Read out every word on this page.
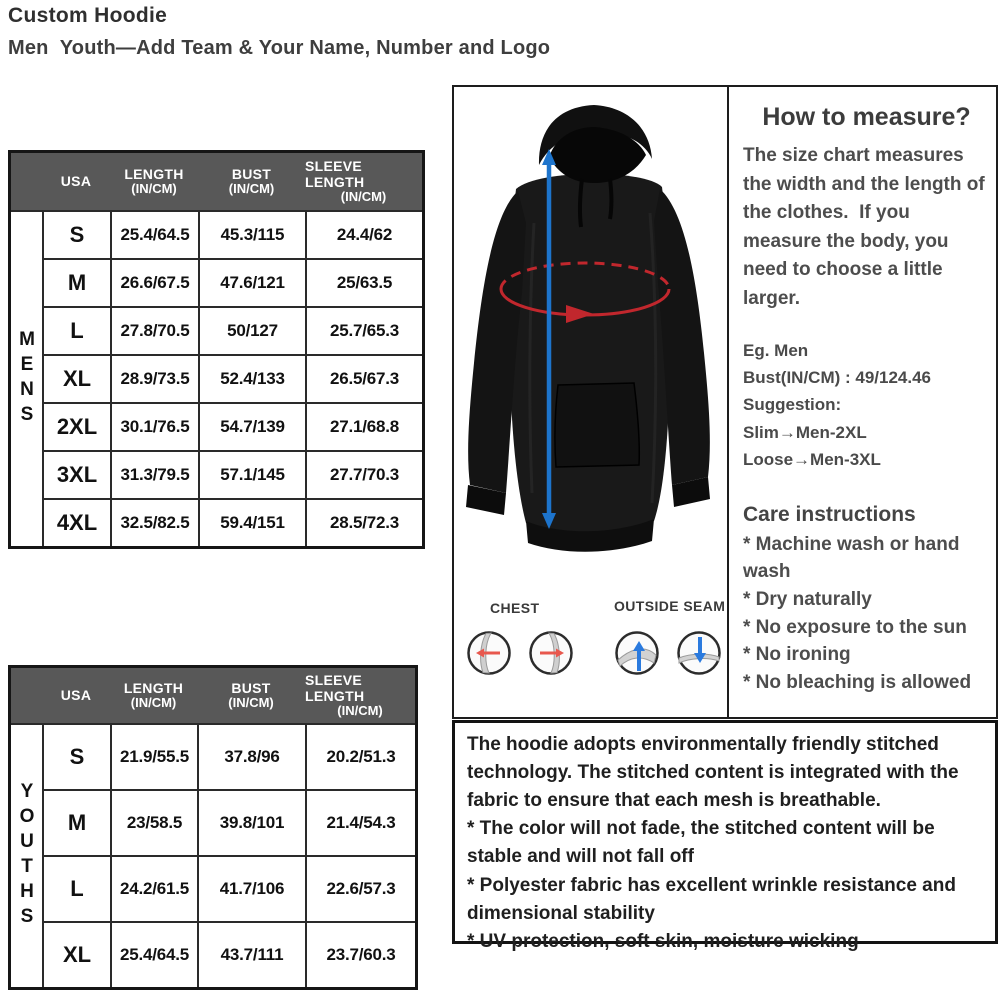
Custom Hoodie
Men  Youth—Add Team & Your Name, Number and Logo
USA LENGTH
(IN/CM)
BUST
(IN/CM)
SLEEVE LENGTH
(IN/CM)
MENS
S	25.4/64.5	45.3/115	24.4/62
M	26.6/67.5	47.6/121	25/63.5
L	27.8/70.5	50/127	25.7/65.3
XL	28.9/73.5	52.4/133	26.5/67.3
2XL	30.1/76.5	54.7/139	27.1/68.8
3XL	31.3/79.5	57.1/145	27.7/70.3
4XL	32.5/82.5	59.4/151	28.5/72.3
USA LENGTH
(IN/CM)
BUST
(IN/CM)
SLEEVE LENGTH
(IN/CM)
YOUTHS
S	21.9/55.5	37.8/96	20.2/51.3
M	23/58.5	39.8/101	21.4/54.3
L	24.2/61.5	41.7/106	22.6/57.3
XL	25.4/64.5	43.7/111	23.7/60.3
CHEST	OUTSIDE SEAM
How to measure?
The size chart measures the width and the length of the clothes.  If you measure the body, you need to choose a little larger.
Eg. Men
Bust(IN/CM) : 49/124.46
Suggestion:
Slim→Men-2XL
Loose→Men-3XL
Care instructions
* Machine wash or hand wash
* Dry naturally
* No exposure to the sun
* No ironing
* No bleaching is allowed
The hoodie adopts environmentally friendly stitched technology. The stitched content is integrated with the fabric to ensure that each mesh is breathable.
* The color will not fade, the stitched content will be stable and will not fall off
* Polyester fabric has excellent wrinkle resistance and dimensional stability
* UV protection, soft skin, moisture wicking
